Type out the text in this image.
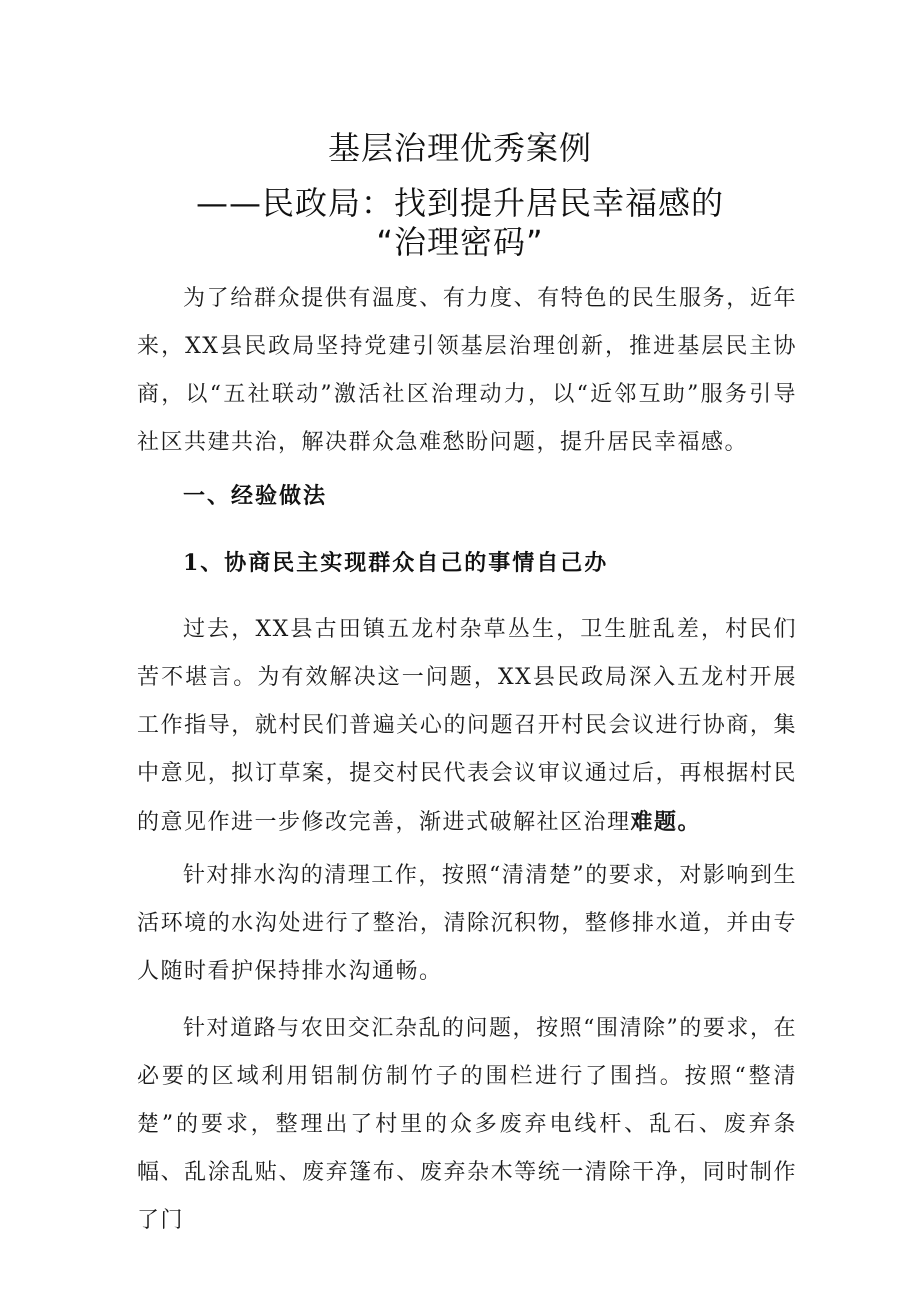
基层治理优秀案例
——民政局：找到提升居民幸福感的
“治理密码”

为了给群众提供有温度、有力度、有特色的民生服务，近年来，XX县民政局坚持党建引领基层治理创新，推进基层民主协商，以“五社联动”激活社区治理动力，以“近邻互助”服务引导社区共建共治，解决群众急难愁盼问题，提升居民幸福感。

一、经验做法
1、协商民主实现群众自己的事情自己办

过去，XX县古田镇五龙村杂草丛生，卫生脏乱差，村民们苦不堪言。为有效解决这一问题，XX县民政局深入五龙村开展工作指导，就村民们普遍关心的问题召开村民会议进行协商，集中意见，拟订草案，提交村民代表会议审议通过后，再根据村民的意见作进一步修改完善，渐进式破解社区治理难题。

针对排水沟的清理工作，按照“清清楚”的要求，对影响到生活环境的水沟处进行了整治，清除沉积物，整修排水道，并由专人随时看护保持排水沟通畅。

针对道路与农田交汇杂乱的问题，按照“围清除”的要求，在必要的区域利用铝制仿制竹子的围栏进行了围挡。按照“整清楚”的要求，整理出了村里的众多废弃电线杆、乱石、废弃条幅、乱涂乱贴、废弃篷布、废弃杂木等统一清除干净，同时制作了门
